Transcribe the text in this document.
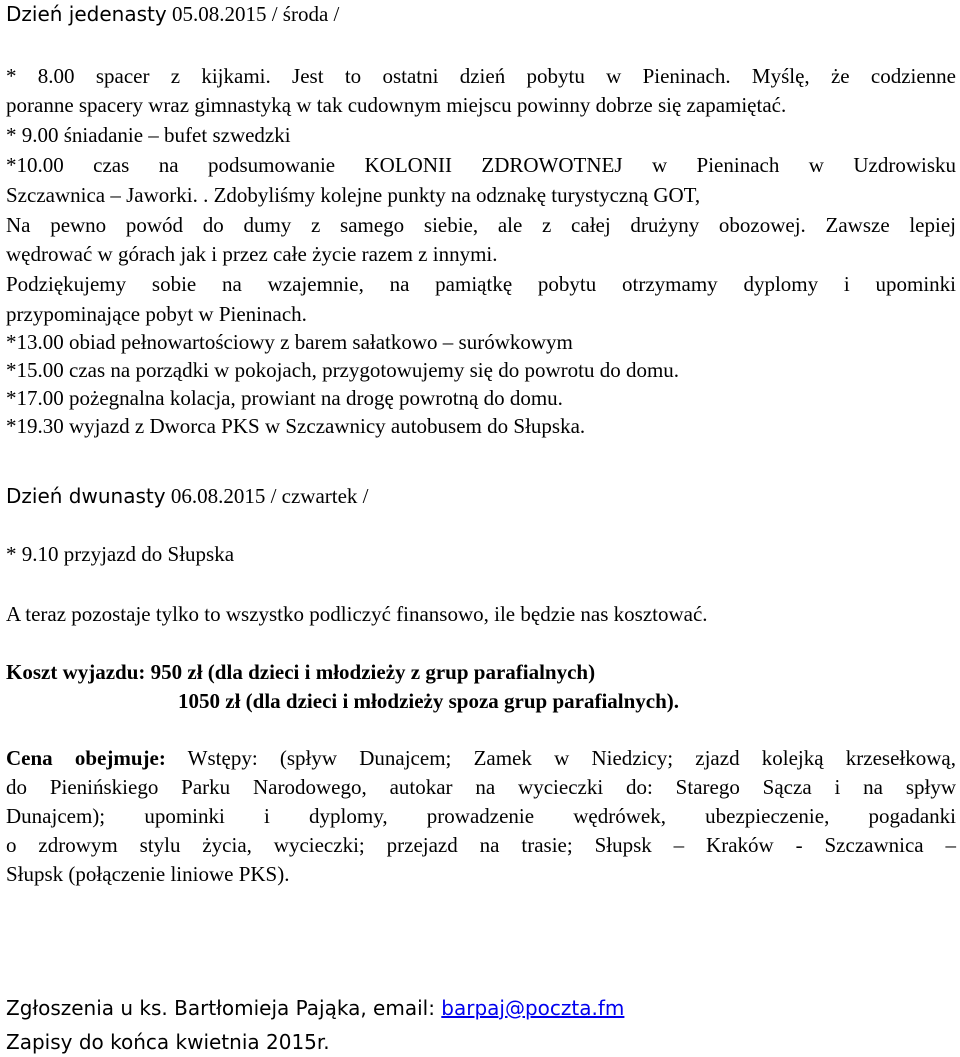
Dzień jedenasty 05.08.2015 / środa /
* 8.00 spacer z kijkami. Jest to ostatni dzień pobytu w Pieninach. Myślę, że codzienne
poranne spacery wraz gimnastyką w tak cudownym miejscu powinny dobrze się zapamiętać.
* 9.00 śniadanie – bufet szwedzki
*10.00 czas na podsumowanie KOLONII ZDROWOTNEJ w Pieninach w Uzdrowisku
Szczawnica – Jaworki. . Zdobyliśmy kolejne punkty na odznakę turystyczną GOT,
Na pewno powód do dumy z samego siebie, ale z całej drużyny obozowej. Zawsze lepiej
wędrować w górach jak i przez całe życie razem z innymi.
Podziękujemy sobie na wzajemnie, na pamiątkę pobytu otrzymamy dyplomy i upominki
przypominające pobyt w Pieninach.
*13.00 obiad pełnowartościowy z barem sałatkowo – surówkowym
*15.00 czas na porządki w pokojach, przygotowujemy się do powrotu do domu.
*17.00 pożegnalna kolacja, prowiant na drogę powrotną do domu.
*19.30 wyjazd z Dworca PKS w Szczawnicy autobusem do Słupska.
Dzień dwunasty 06.08.2015 / czwartek /
* 9.10 przyjazd do Słupska
A teraz pozostaje tylko to wszystko podliczyć finansowo, ile będzie nas kosztować.
Koszt wyjazdu: 950 zł (dla dzieci i młodzieży z grup parafialnych)
1050 zł (dla dzieci i młodzieży spoza grup parafialnych).
Cena obejmuje: Wstępy: (spływ Dunajcem; Zamek w Niedzicy; zjazd kolejką krzesełkową,
do Pienińskiego Parku Narodowego, autokar na wycieczki do: Starego Sącza i na spływ
Dunajcem); upominki i dyplomy, prowadzenie wędrówek, ubezpieczenie, pogadanki
o zdrowym stylu życia, wycieczki; przejazd na trasie; Słupsk – Kraków - Szczawnica –
Słupsk (połączenie liniowe PKS).
Zgłoszenia u ks. Bartłomieja Pająka, email: barpaj@poczta.fm
Zapisy do końca kwietnia 2015r.
